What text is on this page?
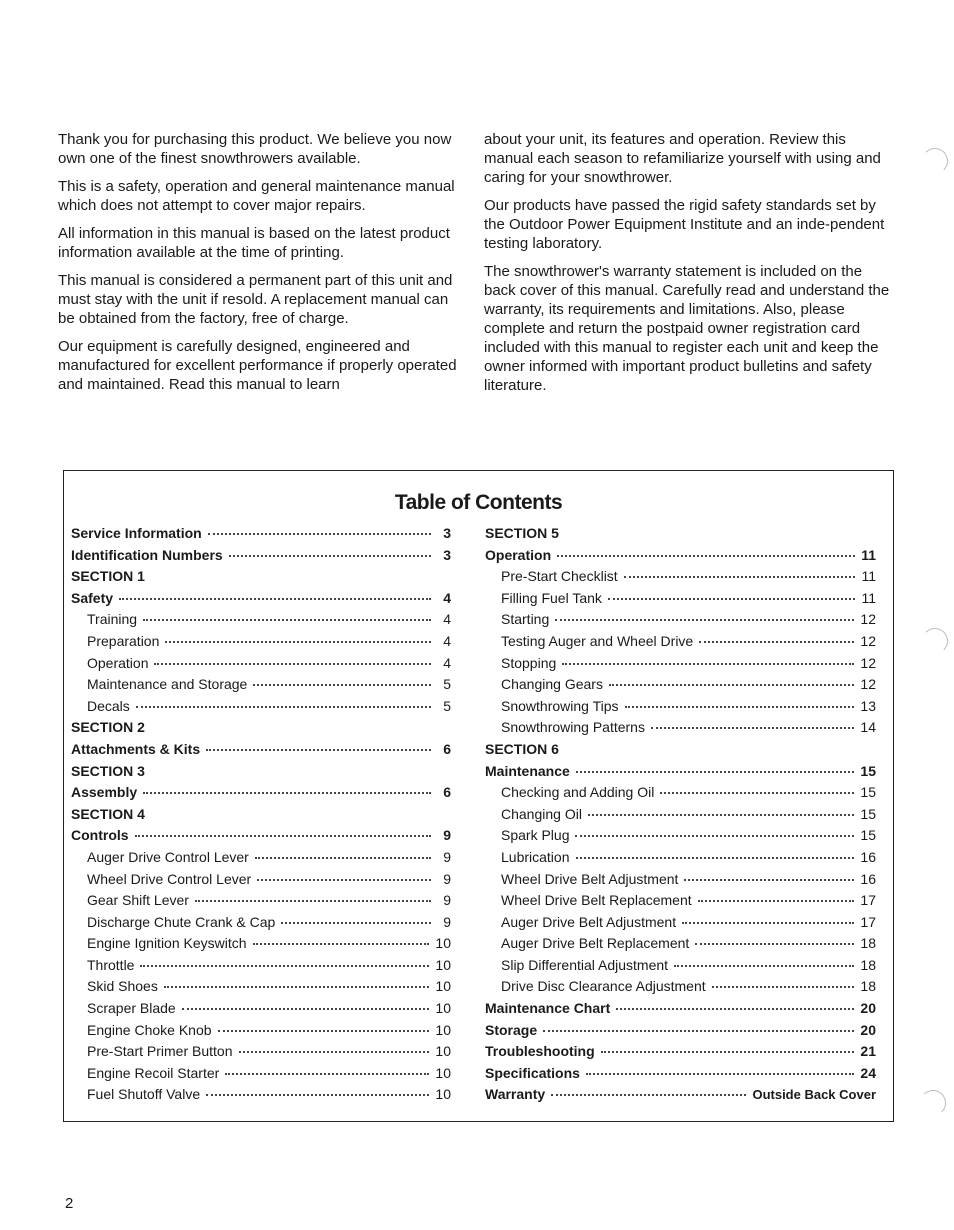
Thank you for purchasing this product. We believe you now own one of the finest snowthrowers available.

This is a safety, operation and general maintenance manual which does not attempt to cover major repairs.

All information in this manual is based on the latest product information available at the time of printing.

This manual is considered a permanent part of this unit and must stay with the unit if resold. A replacement manual can be obtained from the factory, free of charge.

Our equipment is carefully designed, engineered and manufactured for excellent performance if properly operated and maintained. Read this manual to learn

about your unit, its features and operation. Review this manual each season to refamiliarize yourself with using and caring for your snowthrower.

Our products have passed the rigid safety standards set by the Outdoor Power Equipment Institute and an inde-pendent testing laboratory.

The snowthrower's warranty statement is included on the back cover of this manual. Carefully read and understand the warranty, its requirements and limitations. Also, please complete and return the postpaid owner registration card included with this manual to register each unit and keep the owner informed with important product bulletins and safety literature.

Table of Contents
Service Information	3
Identification Numbers	3
SECTION 1
Safety	4
Training	4
Preparation	4
Operation	4
Maintenance and Storage	5
Decals	5
SECTION 2
Attachments & Kits	6
SECTION 3
Assembly	6
SECTION 4
Controls	9
Auger Drive Control Lever	9
Wheel Drive Control Lever	9
Gear Shift Lever	9
Discharge Chute Crank & Cap	9
Engine Ignition Keyswitch	10
Throttle	10
Skid Shoes	10
Scraper Blade	10
Engine Choke Knob	10
Pre-Start Primer Button	10
Engine Recoil Starter	10
Fuel Shutoff Valve	10
SECTION 5
Operation	11
Pre-Start Checklist	11
Filling Fuel Tank	11
Starting	12
Testing Auger and Wheel Drive	12
Stopping	12
Changing Gears	12
Snowthrowing Tips	13
Snowthrowing Patterns	14
SECTION 6
Maintenance	15
Checking and Adding Oil	15
Changing Oil	15
Spark Plug	15
Lubrication	16
Wheel Drive Belt Adjustment	16
Wheel Drive Belt Replacement	17
Auger Drive Belt Adjustment	17
Auger Drive Belt Replacement	18
Slip Differential Adjustment	18
Drive Disc Clearance Adjustment	18
Maintenance Chart	20
Storage	20
Troubleshooting	21
Specifications	24
Warranty	Outside Back Cover
2
